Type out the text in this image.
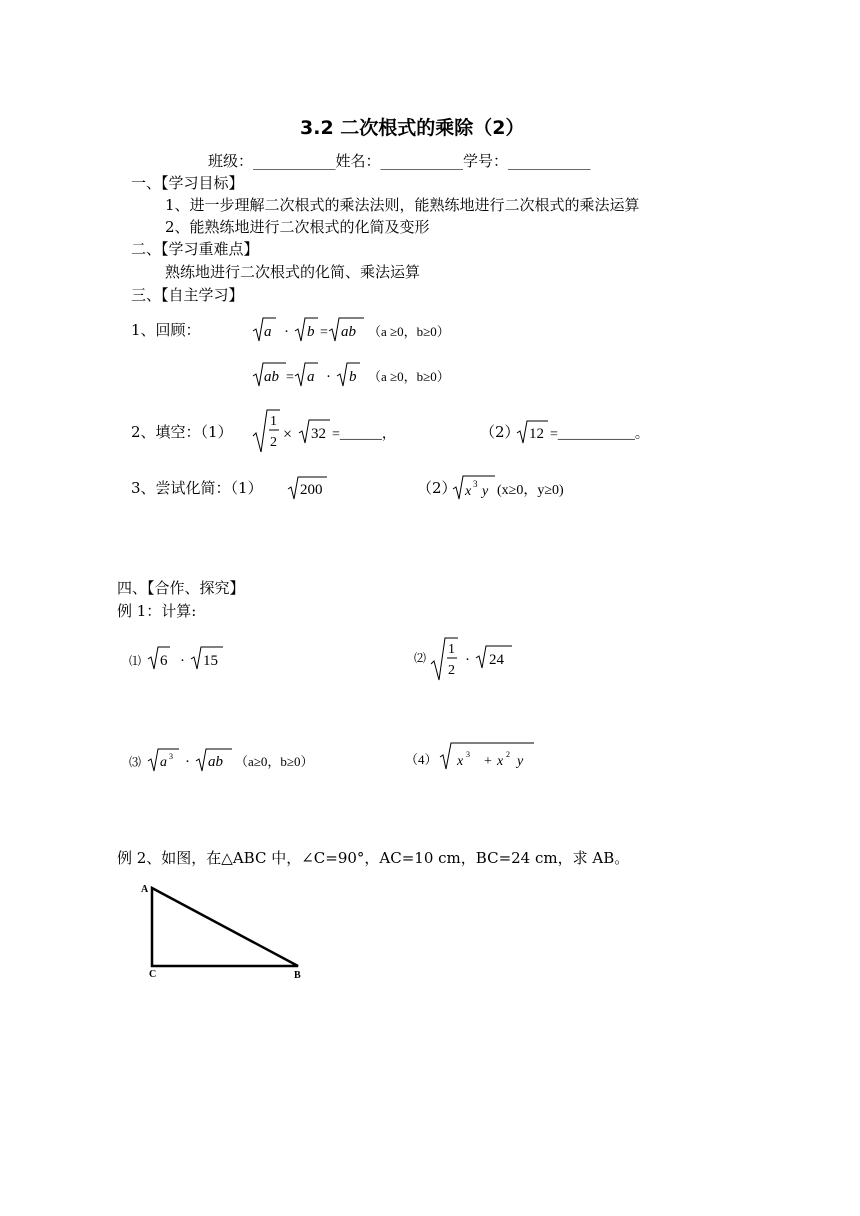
3.2 二次根式的乘除（2）
班级：___________姓名：___________学号：___________
一、【学习目标】
1、进一步理解二次根式的乘法法则，能熟练地进行二次根式的乘法运算
2、能熟练地进行二次根式的化简及变形
二、【学习重难点】
熟练地进行二次根式的化简、乘法运算
三、【自主学习】
1、回顾：	a · b = ab （a ≥0，b≥0）
ab = a · b （a ≥0，b≥0）
2、填空：（1）
1
2 × 32 =______，	（2） 12 =___________。
3、尝试化简：（1） 200	（2） x 3 y (x≥0，y≥0)
四、【合作、探究】
例 1：计算:
⑴ 6 · 15	⑵
1
2
· 24
⑶ a 3 · ab （a≥0，b≥0）	（4） x 3 + x 2 y
例 2、如图，在△ABC 中，∠C=90°，AC=10 cm，BC=24 cm，求 AB。
A
C	B
